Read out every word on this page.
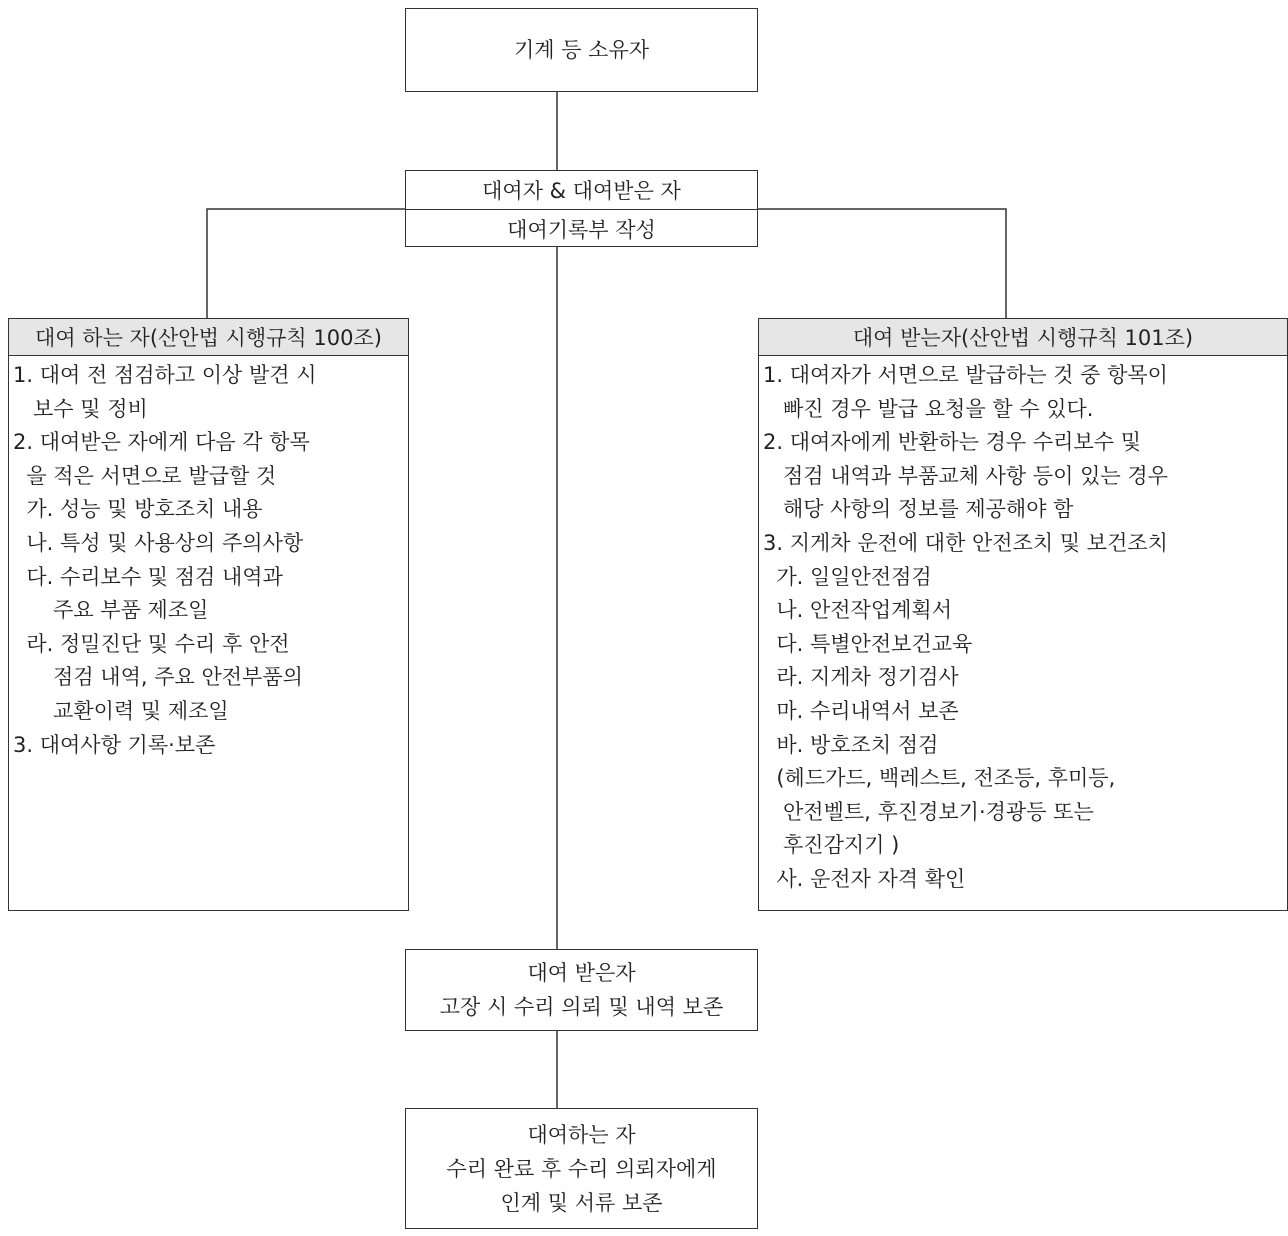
기계 등 소유자
대여자 & 대여받은 자
대여기록부 작성
대여 하는 자(산안법 시행규칙 100조)
1. 대여 전 점검하고 이상 발견 시
보수 및 정비
2. 대여받은 자에게 다음 각 항목
을 적은 서면으로 발급할 것
가. 성능 및 방호조치 내용
나. 특성 및 사용상의 주의사항
다. 수리보수 및 점검 내역과
주요 부품 제조일
라. 정밀진단 및 수리 후 안전
점검 내역, 주요 안전부품의
교환이력 및 제조일
3. 대여사항 기록·보존
대여 받는자(산안법 시행규칙 101조)
1. 대여자가 서면으로 발급하는 것 중 항목이
빠진 경우 발급 요청을 할 수 있다.
2. 대여자에게 반환하는 경우 수리보수 및
점검 내역과 부품교체 사항 등이 있는 경우
해당 사항의 정보를 제공해야 함
3. 지게차 운전에 대한 안전조치 및 보건조치
가. 일일안전점검
나. 안전작업계획서
다. 특별안전보건교육
라. 지게차 정기검사
마. 수리내역서 보존
바. 방호조치 점검
(헤드가드, 백레스트, 전조등, 후미등,
안전벨트, 후진경보기·경광등 또는
후진감지기 )
사. 운전자 자격 확인
대여 받은자
고장 시 수리 의뢰 및 내역 보존
대여하는 자
수리 완료 후 수리 의뢰자에게
인계 및 서류 보존
